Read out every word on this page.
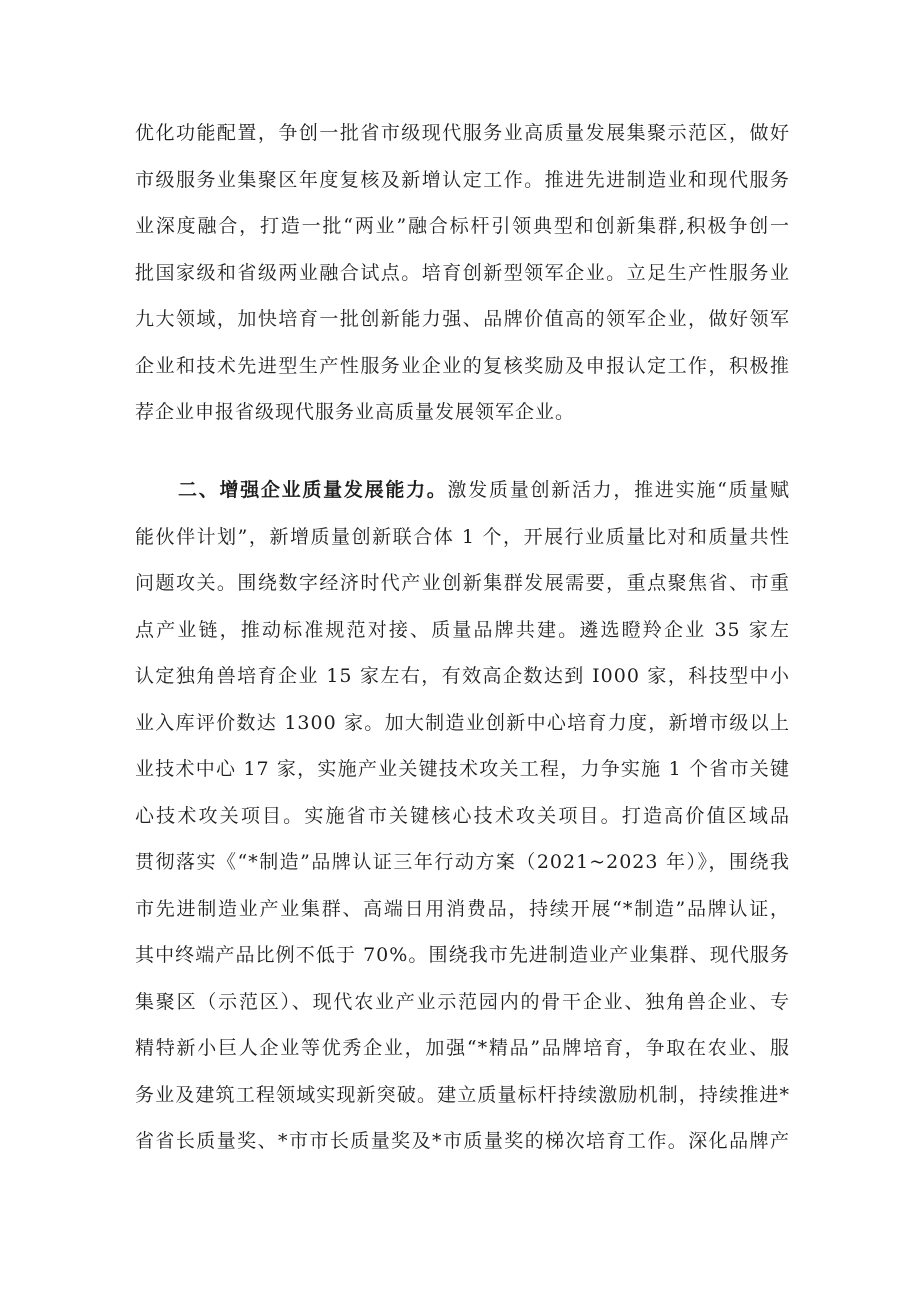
优化功能配置，争创一批省市级现代服务业高质量发展集聚示范区，做好
市级服务业集聚区年度复核及新增认定工作。推进先进制造业和现代服务
业深度融合，打造一批“两业”融合标杆引领典型和创新集群,积极争创一
批国家级和省级两业融合试点。培育创新型领军企业。立足生产性服务业
九大领域，加快培育一批创新能力强、品牌价值高的领军企业，做好领军
企业和技术先进型生产性服务业企业的复核奖励及申报认定工作，积极推
荐企业申报省级现代服务业高质量发展领军企业。
二、增强企业质量发展能力。激发质量创新活力，推进实施“质量赋
能伙伴计划”，新增质量创新联合体 1 个，开展行业质量比对和质量共性
问题攻关。围绕数字经济时代产业创新集群发展需要，重点聚焦省、市重
点产业链，推动标准规范对接、质量品牌共建。遴选瞪羚企业 35 家左
认定独角兽培育企业 15 家左右，有效高企数达到 I000 家，科技型中小
业入库评价数达 1300 家。加大制造业创新中心培育力度，新增市级以上
业技术中心 17 家，实施产业关键技术攻关工程，力争实施 1 个省市关键
心技术攻关项目。实施省市关键核心技术攻关项目。打造高价值区域品
贯彻落实《“*制造”品牌认证三年行动方案（2021~2023 年）》，围绕我
市先进制造业产业集群、高端日用消费品，持续开展“*制造”品牌认证，
其中终端产品比例不低于 70%。围绕我市先进制造业产业集群、现代服务
集聚区（示范区）、现代农业产业示范园内的骨干企业、独角兽企业、专
精特新小巨人企业等优秀企业，加强“*精品”品牌培育，争取在农业、服
务业及建筑工程领域实现新突破。建立质量标杆持续激励机制，持续推进*
省省长质量奖、*市市长质量奖及*市质量奖的梯次培育工作。深化品牌产
